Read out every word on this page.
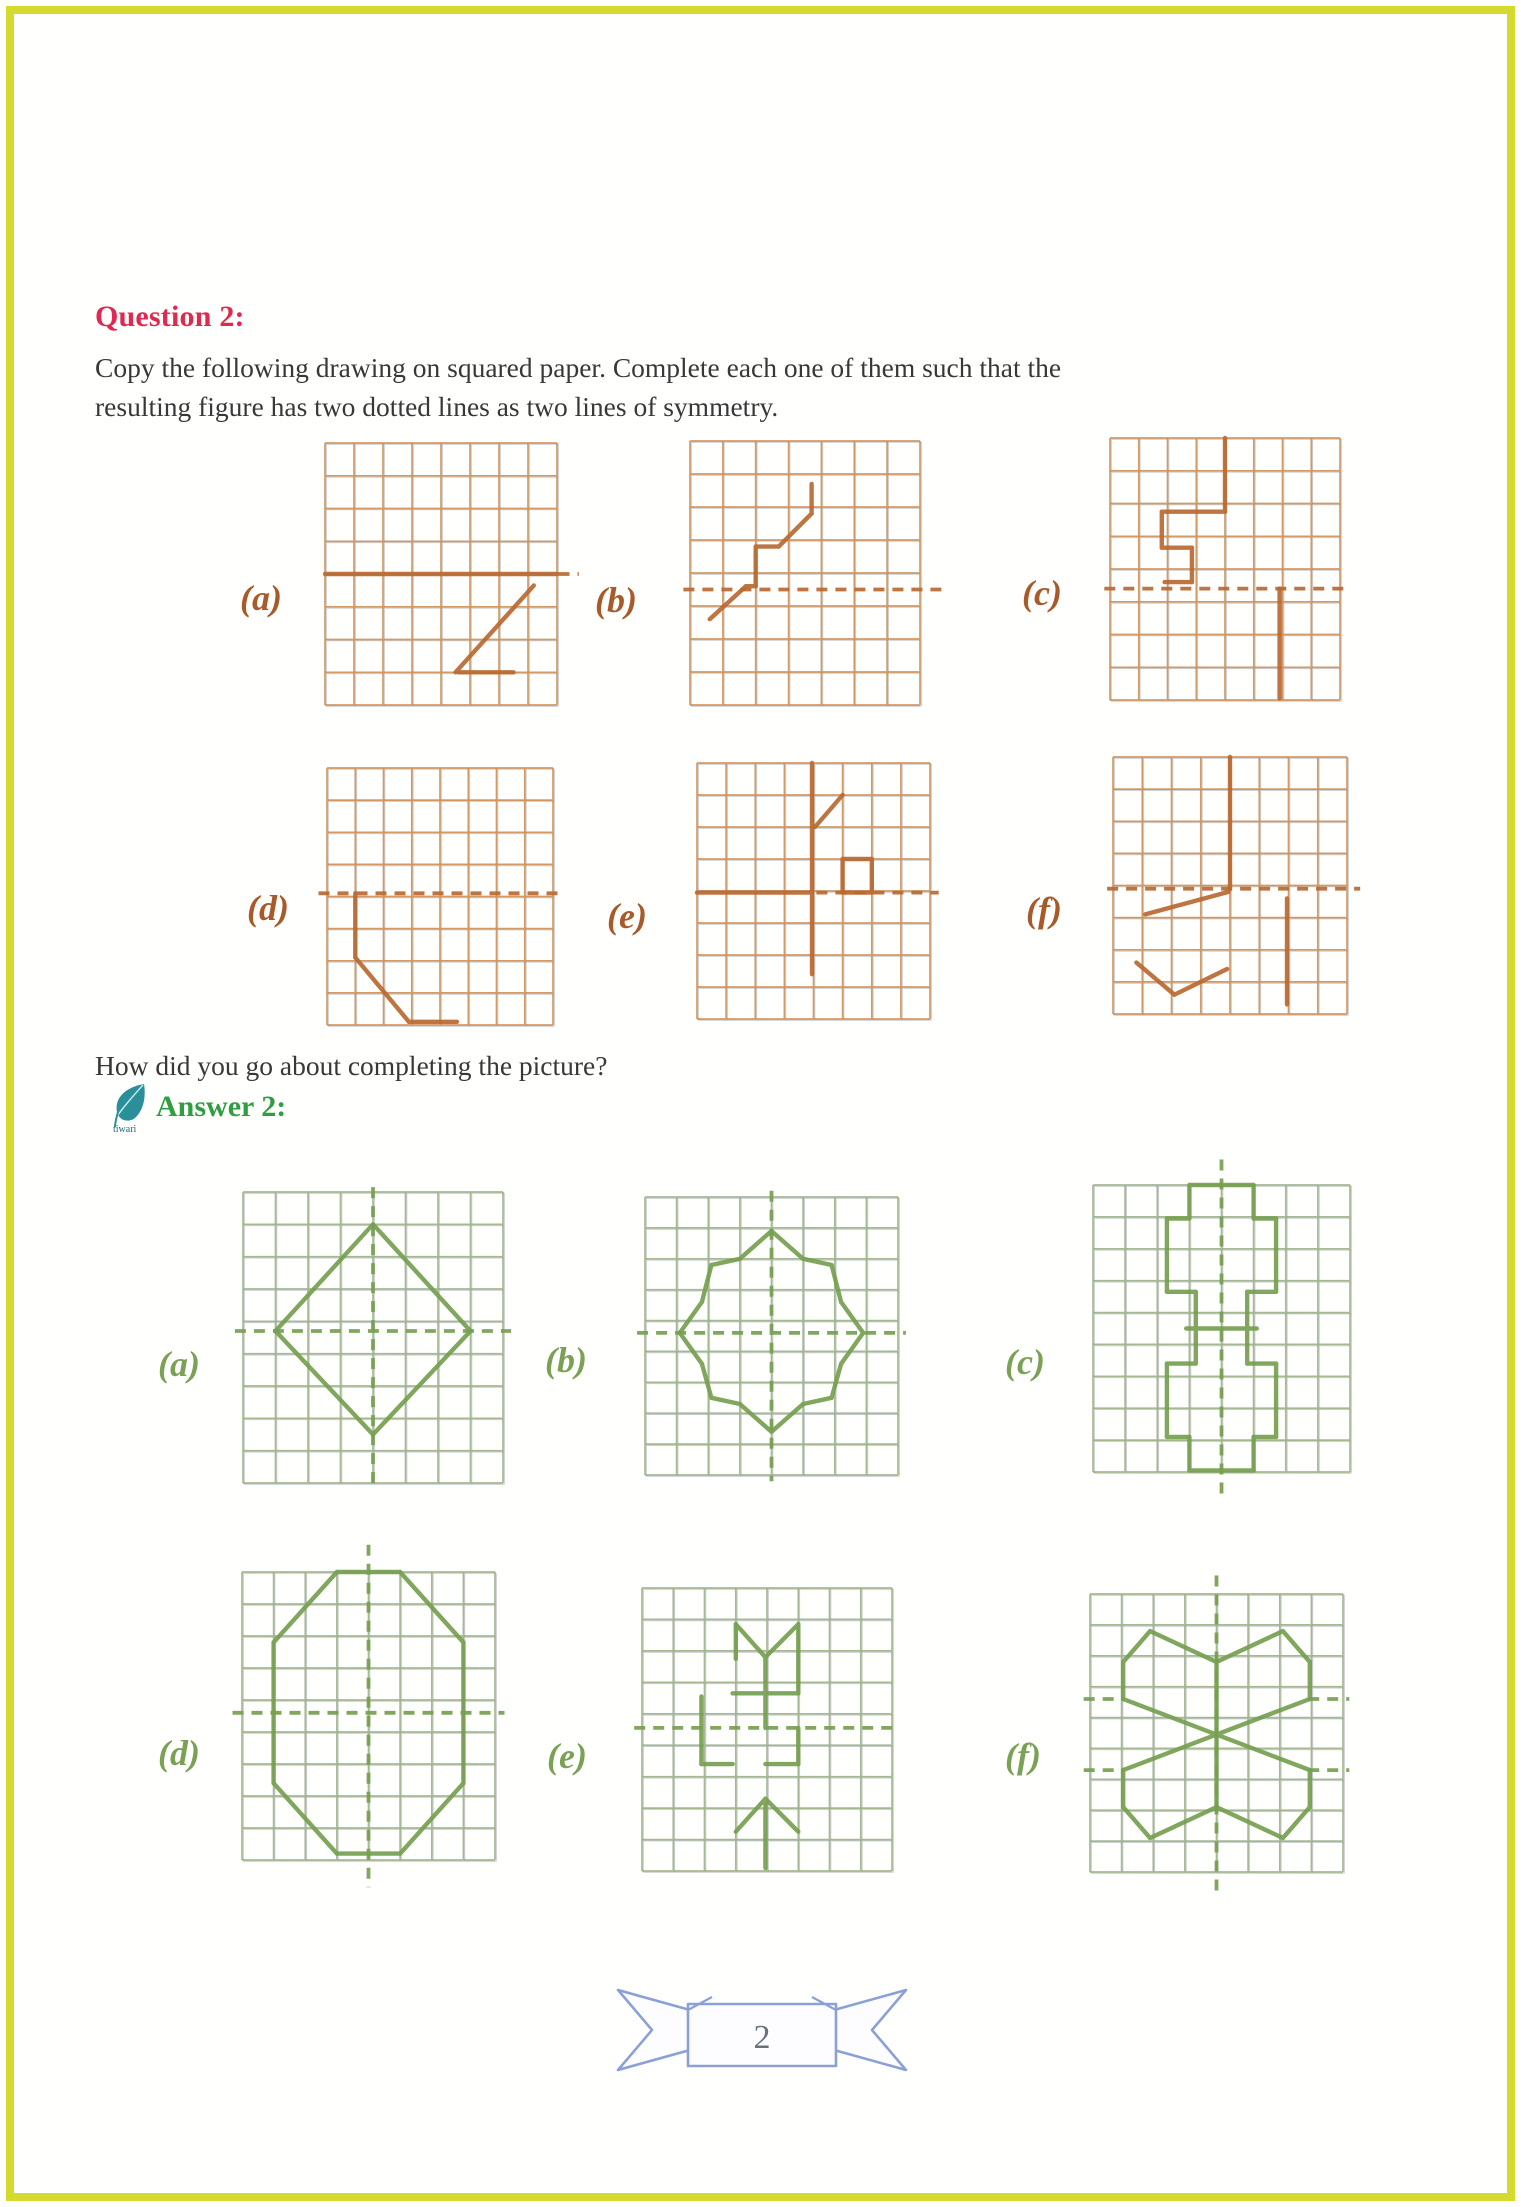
Question 2:
Copy the following drawing on squared paper. Complete each one of them such that the
resulting figure has two dotted lines as two lines of symmetry.
How did you go about completing the picture?
tiwari
Answer 2:
2
(a)	(b)	(c)
(d)	(e)	(f)
(a)	(b)	(c)
(d)	(e)	(f)
